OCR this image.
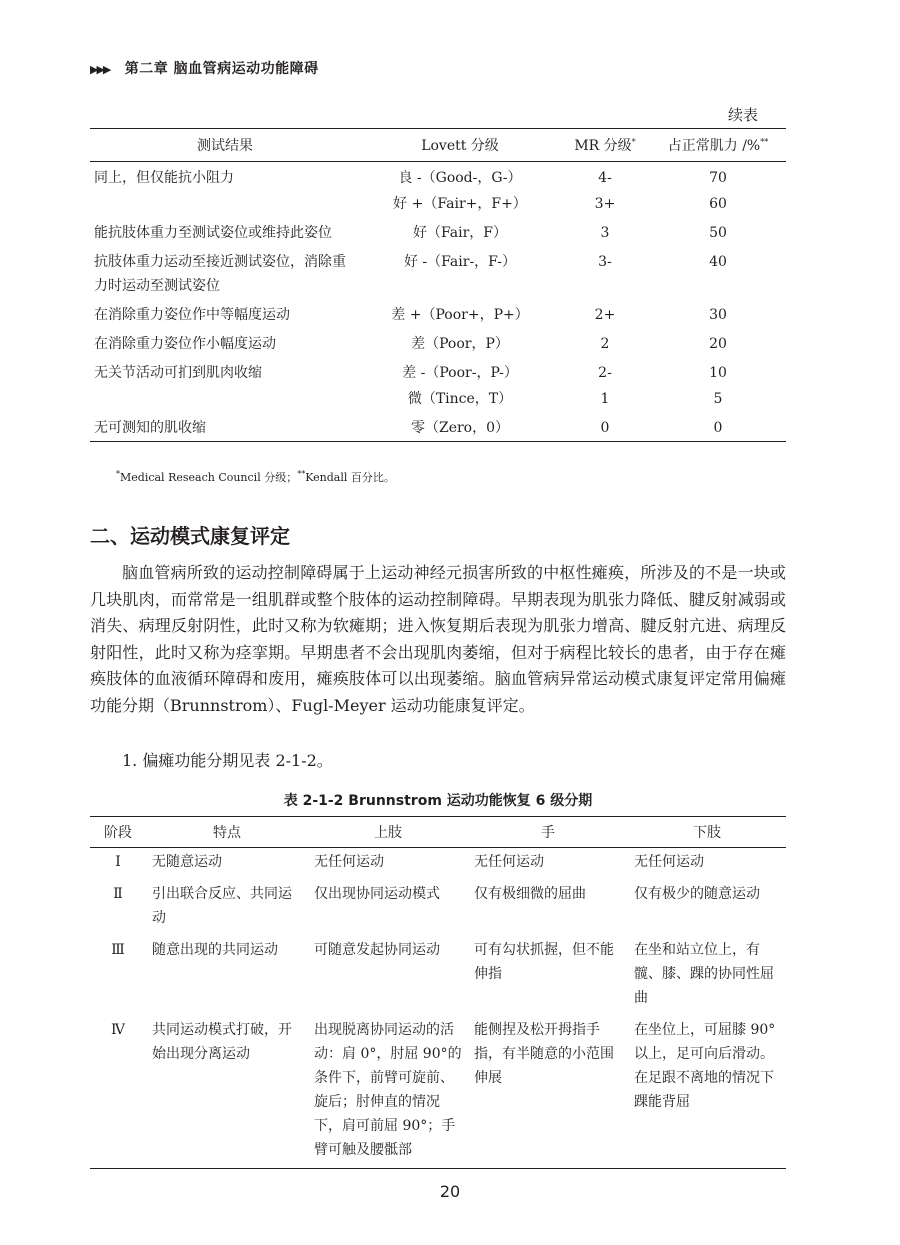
▶▶▶ 第二章 脑血管病运动功能障碍
续表
测试结果	Lovett 分级	MR 分级*	占正常肌力 /%**
同上，但仅能抗小阻力	良 -（Good-，G-）	4-	70
	好 +（Fair+，F+）	3+	60
能抗肢体重力至测试姿位或维持此姿位	好（Fair，F）	3	50
抗肢体重力运动至接近测试姿位，消除重力时运动至测试姿位	好 -（Fair-，F-）	3-	40
在消除重力姿位作中等幅度运动	差 +（Poor+，P+）	2+	30
在消除重力姿位作小幅度运动	差（Poor，P）	2	20
无关节活动可扪到肌肉收缩	差 -（Poor-，P-）	2-	10
	微（Tince，T）	1	5
无可测知的肌收缩	零（Zero，0）	0	0
*Medical Reseach Council 分级；**Kendall 百分比。
二、运动模式康复评定

脑血管病所致的运动控制障碍属于上运动神经元损害所致的中枢性瘫痪，所涉及的不是一块或几块肌肉，而常常是一组肌群或整个肢体的运动控制障碍。早期表现为肌张力降低、腱反射减弱或消失、病理反射阴性，此时又称为软瘫期；进入恢复期后表现为肌张力增高、腱反射亢进、病理反射阳性，此时又称为痉挛期。早期患者不会出现肌肉萎缩，但对于病程比较长的患者，由于存在瘫痪肢体的血液循环障碍和废用，瘫痪肢体可以出现萎缩。脑血管病异常运动模式康复评定常用偏瘫功能分期（Brunnstrom）、Fugl-Meyer 运动功能康复评定。

1. 偏瘫功能分期见表 2-1-2。
表 2-1-2 Brunnstrom 运动功能恢复 6 级分期
阶段	特点	上肢	手	下肢
Ⅰ	无随意运动	无任何运动	无任何运动	无任何运动
Ⅱ	引出联合反应、共同运动	仅出现协同运动模式	仅有极细微的屈曲	仅有极少的随意运动
Ⅲ	随意出现的共同运动	可随意发起协同运动	可有勾状抓握，但不能伸指	在坐和站立位上，有髋、膝、踝的协同性屈曲
Ⅳ	共同运动模式打破，开始出现分离运动	出现脱离协同运动的活动：肩 0°，肘屈 90°的条件下，前臂可旋前、旋后；肘伸直的情况下，肩可前屈 90°；手臂可触及腰骶部	能侧捏及松开拇指手指，有半随意的小范围伸展	在坐位上，可屈膝 90°以上，足可向后滑动。在足跟不离地的情况下踝能背屈
20
